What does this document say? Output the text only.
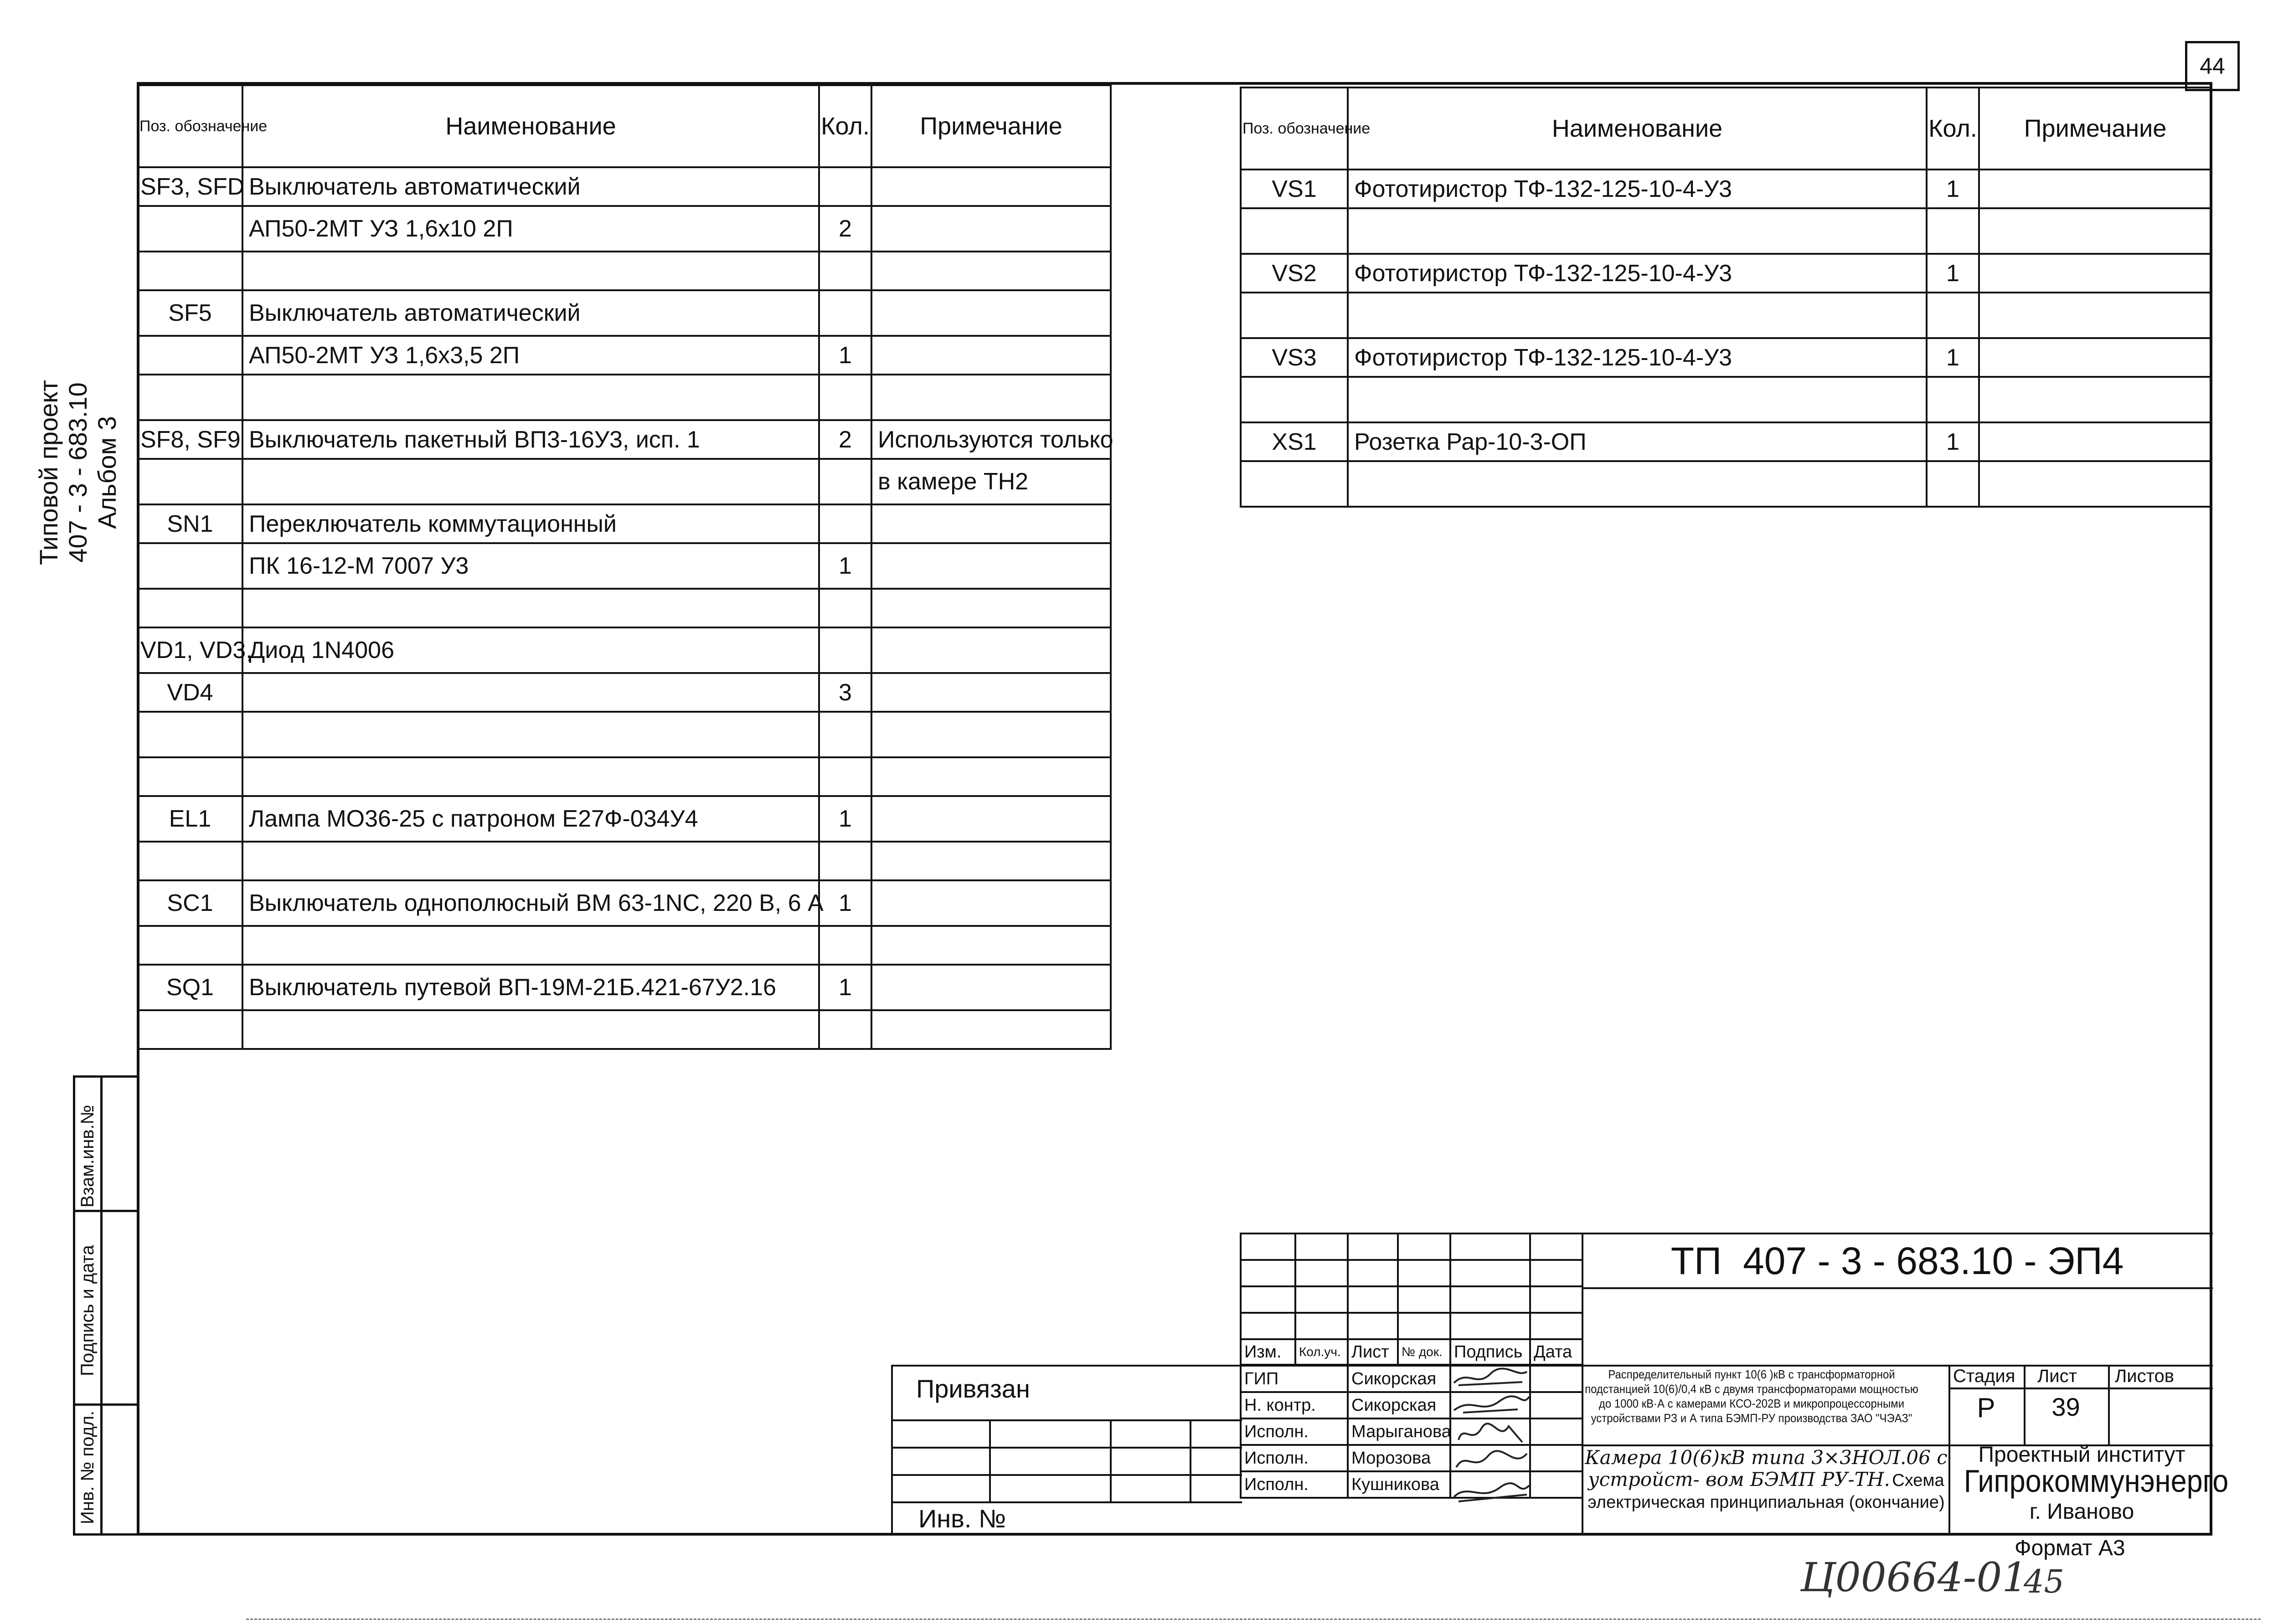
44
Типовой проект 407 - 3 - 683.10 Альбом 3
Взам.инв.№
Подпись и дата
Инв. № подл.
Поз. обозначение	Наименование	Кол.	Примечание
SF3, SFD	Выключатель автоматический		
	АП50-2МТ УЗ 1,6х10 2П	2	

SF5	Выключатель автоматический		
	АП50-2МТ УЗ 1,6х3,5 2П	1	

SF8, SF9	Выключатель пакетный ВП3-16У3, исп. 1	2	Используются только
			в камере ТН2
SN1	Переключатель коммутационный		
	ПК 16-12-М 7007 У3	1	

VD1, VD3,	Диод 1N4006		
VD4		3	

EL1	Лампа МО36-25 с патроном Е27Ф-034У4	1	

SC1	Выключатель однополюсный ВМ 63-1NC, 220 В, 6 А	1	

SQ1	Выключатель путевой ВП-19М-21Б.421-67У2.16	1	

Поз. обозначение	Наименование	Кол.	Примечание
VS1	Фототиристор ТФ-132-125-10-4-У3	1	

VS2	Фототиристор ТФ-132-125-10-4-У3	1	

VS3	Фототиристор ТФ-132-125-10-4-У3	1	

XS1	Розетка Рар-10-3-ОП	1	

Изм.	Кол.уч.	Лист	№ док.	Подпись	Дата
ГИП	Сикорская		
Н. контр.	Сикорская		
Исполн.	Марыганова		
Исполн.	Морозова		
Исполн.	Кушникова		
Привязан
Инв. №
ТП  407 - 3 - 683.10 - ЭП4
Распределительный пункт 10(6 )кВ с трансформаторной подстанцией 10(6)/0,4 кВ с двумя трансформаторами мощностью до 1000 кВ·А с камерами КСО-202В и микропроцессорными устройствами РЗ и А типа БЭМП-РУ производства ЗАО "ЧЭАЗ"
Стадия Лист Листов
Р	39
Камера 10(6)кВ типа 3×3НОЛ.06 с устройст- вом БЭМП РУ-ТН. Схема электрическая принципиальная (окончание)
Проектный институт
Гипрокоммунэнерго
г. Иваново
Формат А3
Ц00664-01
45
